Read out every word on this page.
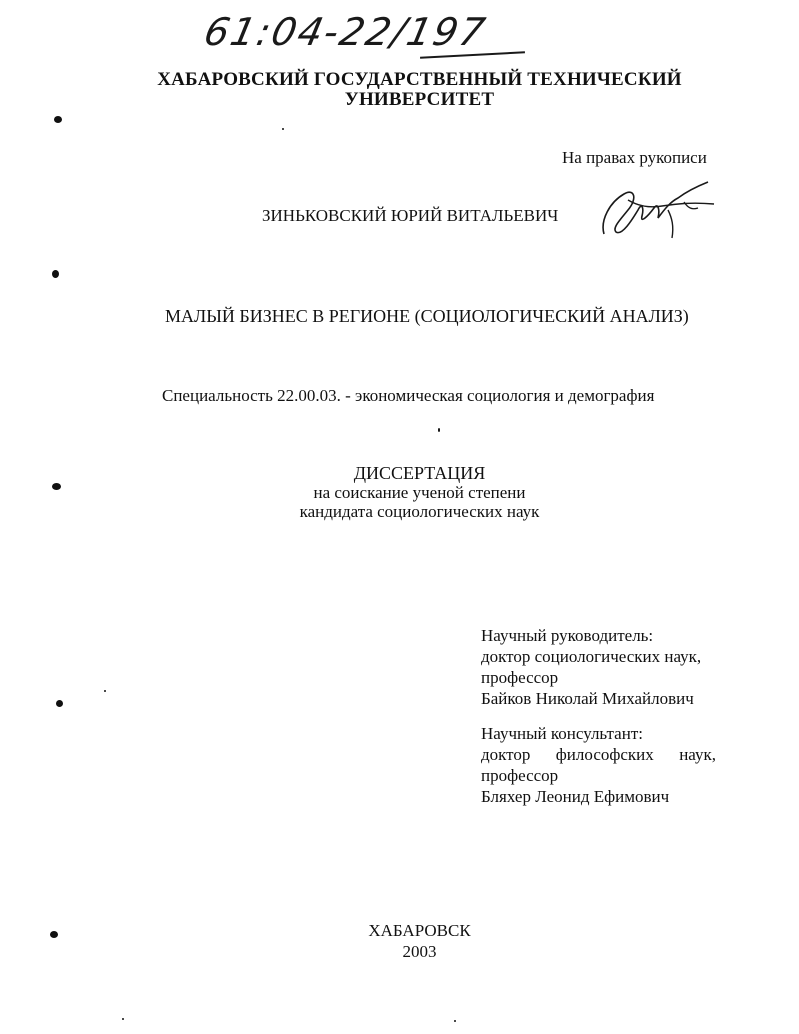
61:04-22/197
ХАБАРОВСКИЙ ГОСУДАРСТВЕННЫЙ ТЕХНИЧЕСКИЙ
УНИВЕРСИТЕТ
На правах рукописи
ЗИНЬКОВСКИЙ ЮРИЙ ВИТАЛЬЕВИЧ
МАЛЫЙ БИЗНЕС В РЕГИОНЕ (СОЦИОЛОГИЧЕСКИЙ АНАЛИЗ)
Специальность 22.00.03. - экономическая социология и демография
ДИССЕРТАЦИЯ
на соискание ученой степени
кандидата социологических наук
Научный руководитель:
доктор социологических наук,
профессор
Байков Николай Михайлович
Научный консультант:
доктор философских наук,
профессор
Бляхер Леонид Ефимович
ХАБАРОВСК
2003
